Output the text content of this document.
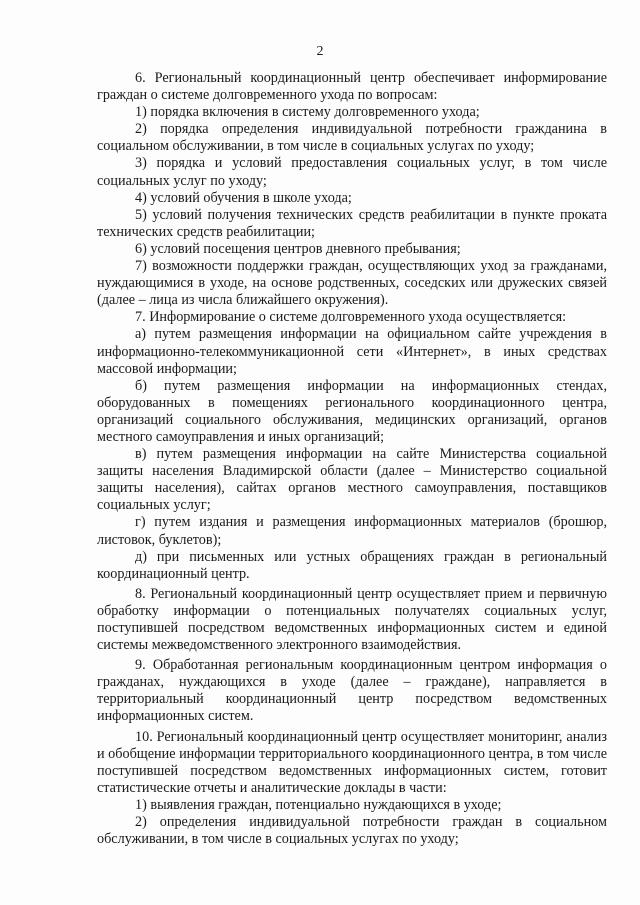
2

6. Региональный координационный центр обеспечивает информирование граждан о системе долговременного ухода по вопросам:

1) порядка включения в систему долговременного ухода;

2) порядка определения индивидуальной потребности гражданина в социальном обслуживании, в том числе в социальных услугах по уходу;

3) порядка и условий предоставления социальных услуг, в том числе социальных услуг по уходу;

4) условий обучения в школе ухода;

5) условий получения технических средств реабилитации в пункте проката технических средств реабилитации;

6) условий посещения центров дневного пребывания;

7) возможности поддержки граждан, осуществляющих уход за гражданами, нуждающимися в уходе, на основе родственных, соседских или дружеских связей (далее – лица из числа ближайшего окружения).

7. Информирование о системе долговременного ухода осуществляется:

а) путем размещения информации на официальном сайте учреждения в информационно-телекоммуникационной сети «Интернет», в иных средствах массовой информации;

б) путем размещения информации на информационных стендах, оборудованных в помещениях регионального координационного центра, организаций социального обслуживания, медицинских организаций, органов местного самоуправления и иных организаций;

в) путем размещения информации на сайте Министерства социальной защиты населения Владимирской области (далее – Министерство социальной защиты населения), сайтах органов местного самоуправления, поставщиков социальных услуг;

г) путем издания и размещения информационных материалов (брошюр, листовок, буклетов);

д) при письменных или устных обращениях граждан в региональный координационный центр.

8. Региональный координационный центр осуществляет прием и первичную обработку информации о потенциальных получателях социальных услуг, поступившей посредством ведомственных информационных систем и единой системы межведомственного электронного взаимодействия.

9. Обработанная региональным координационным центром информация о гражданах, нуждающихся в уходе (далее – граждане), направляется в территориальный координационный центр посредством ведомственных информационных систем.

10. Региональный координационный центр осуществляет мониторинг, анализ и обобщение информации территориального координационного центра, в том числе поступившей посредством ведомственных информационных систем, готовит статистические отчеты и аналитические доклады в части:

1) выявления граждан, потенциально нуждающихся в уходе;

2) определения индивидуальной потребности граждан в социальном обслуживании, в том числе в социальных услугах по уходу;
